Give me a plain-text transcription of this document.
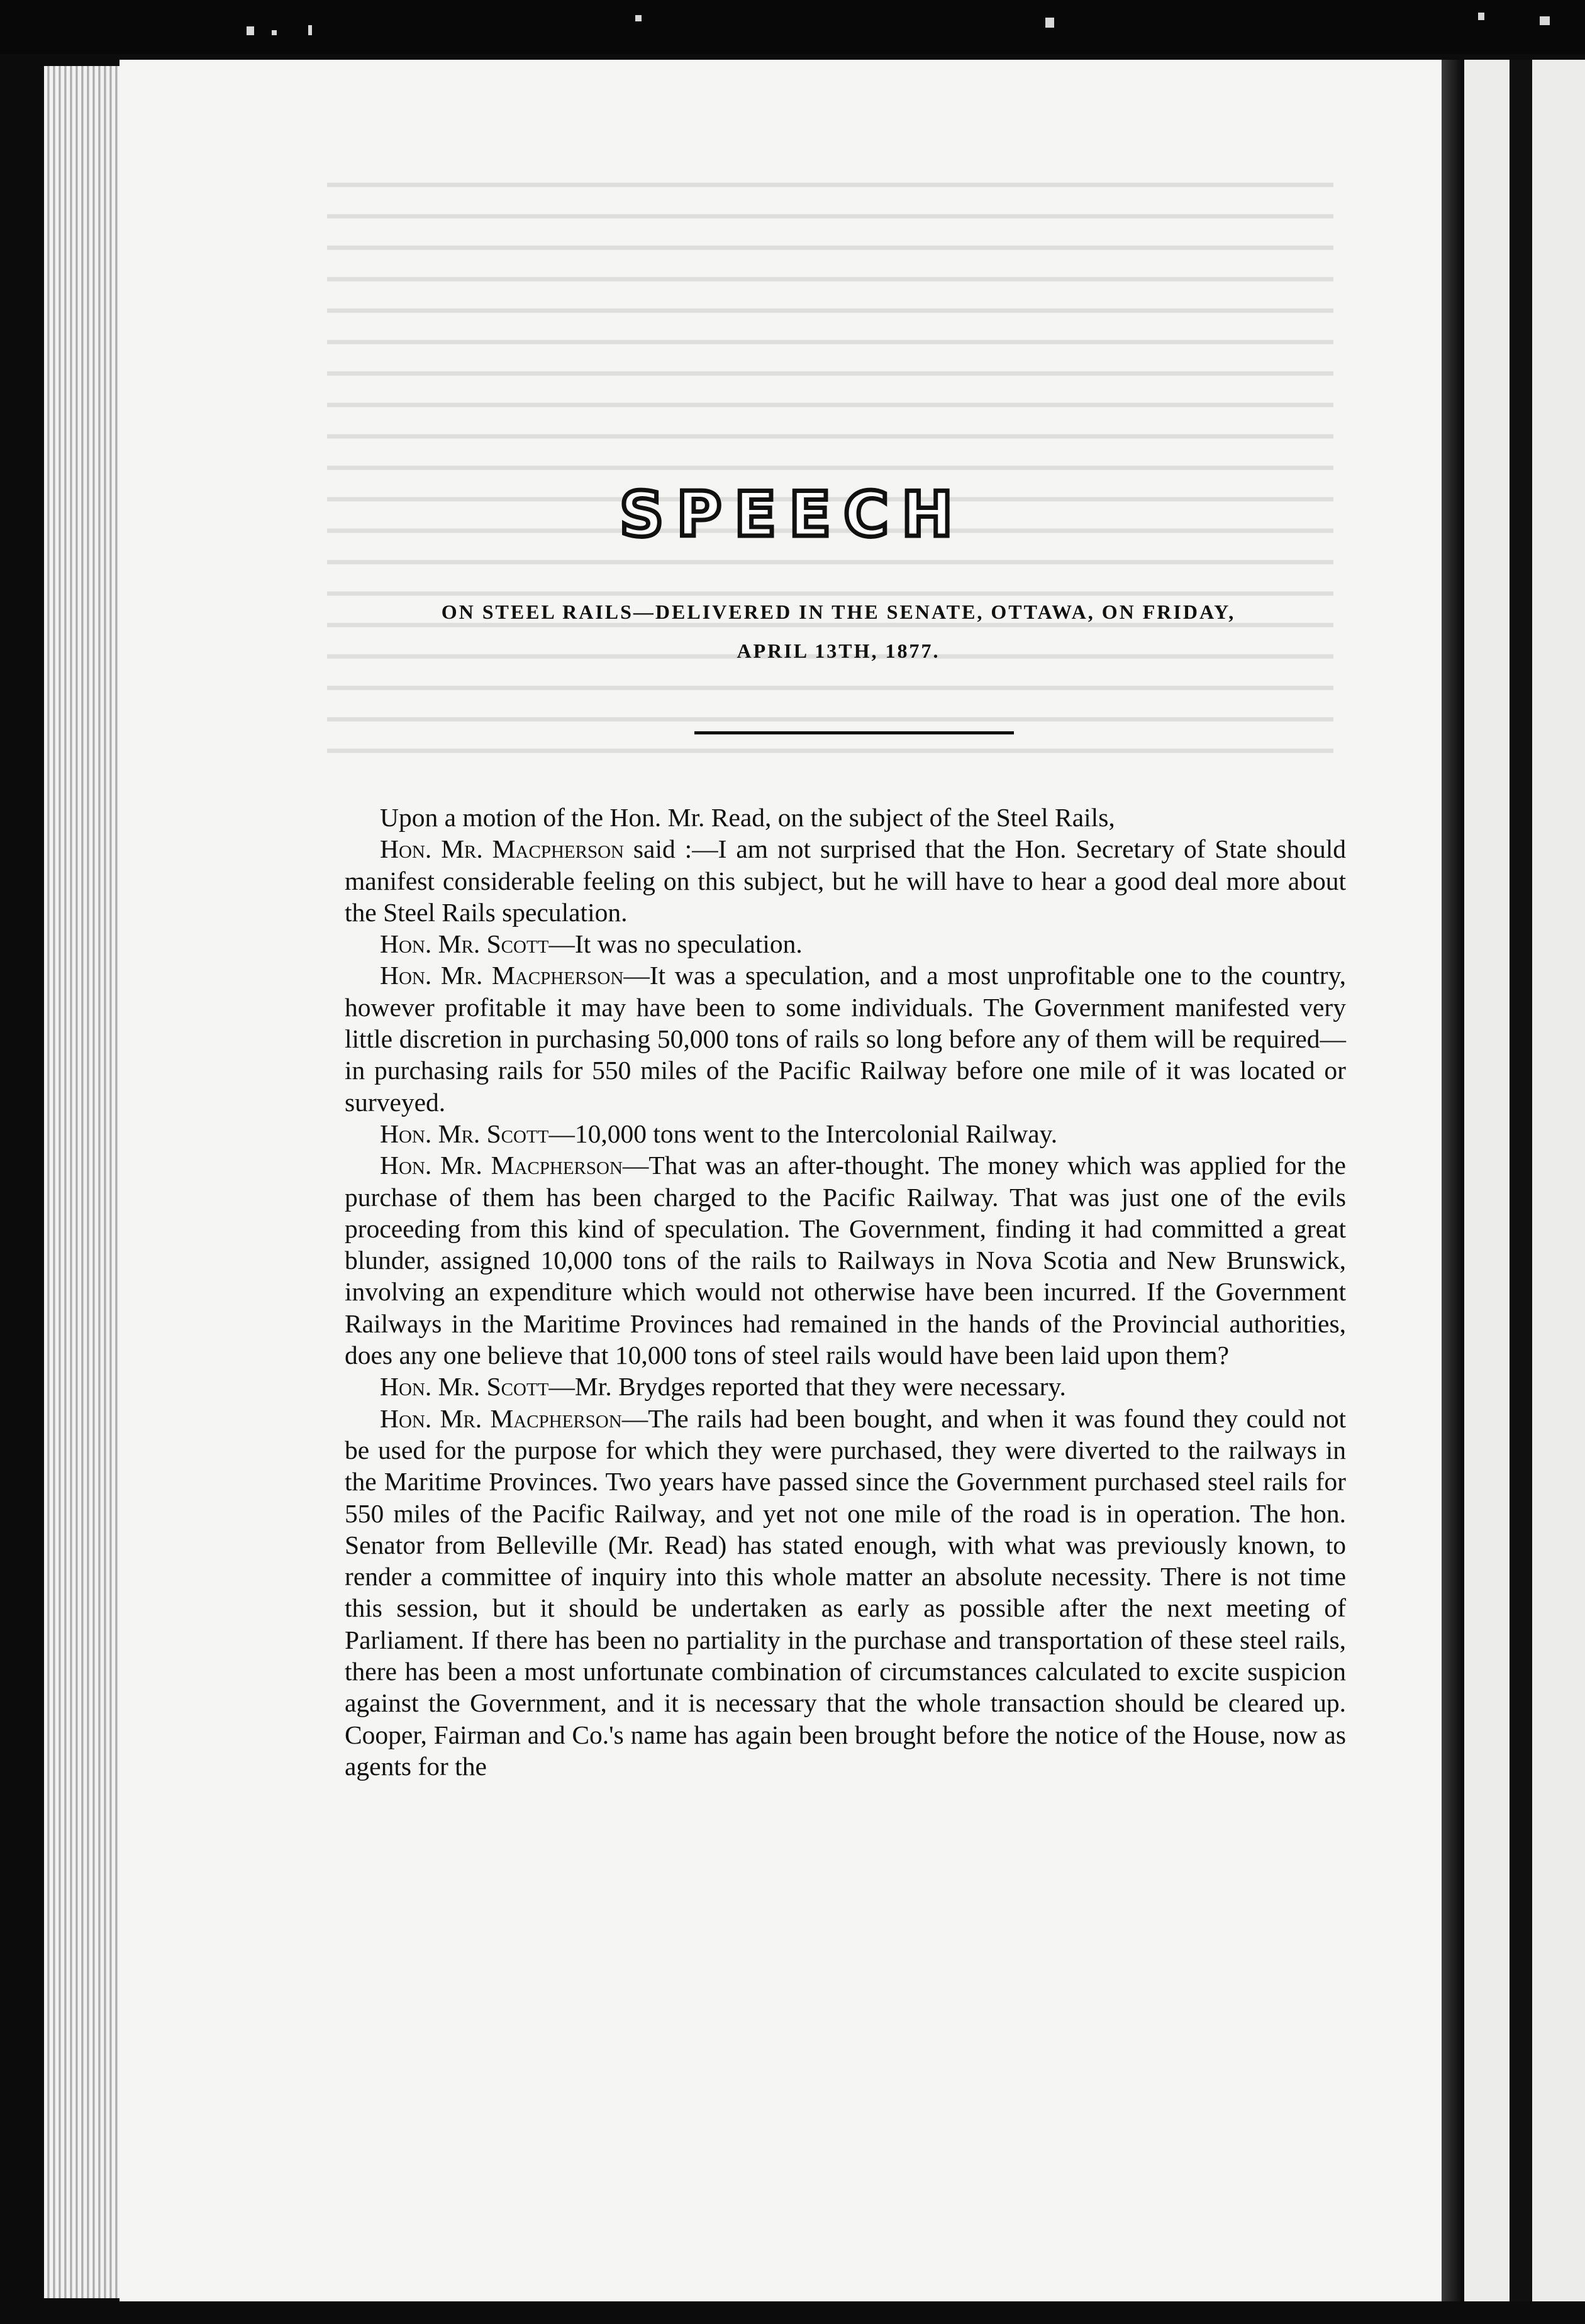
SPEECH
ON STEEL RAILS—DELIVERED IN THE SENATE, OTTAWA, ON FRIDAY,
APRIL 13TH, 1877.

Upon a motion of the Hon. Mr. Read, on the subject of the Steel Rails,

Hon. Mr. Macpherson said :—I am not surprised that the Hon. Secretary of State should manifest considerable feeling on this subject, but he will have to hear a good deal more about the Steel Rails speculation.

Hon. Mr. Scott—It was no speculation.

Hon. Mr. Macpherson—It was a speculation, and a most unprofitable one to the country, however profitable it may have been to some individuals. The Government manifested very little discretion in purchasing 50,000 tons of rails so long before any of them will be required—in purchasing rails for 550 miles of the Pacific Railway before one mile of it was located or surveyed.

Hon. Mr. Scott—10,000 tons went to the Intercolonial Railway.

Hon. Mr. Macpherson—That was an after-thought. The money which was applied for the purchase of them has been charged to the Pacific Railway. That was just one of the evils proceeding from this kind of speculation. The Government, finding it had committed a great blunder, assigned 10,000 tons of the rails to Railways in Nova Scotia and New Brunswick, involving an expenditure which would not otherwise have been incurred. If the Government Railways in the Maritime Provinces had remained in the hands of the Provincial authorities, does any one believe that 10,000 tons of steel rails would have been laid upon them?

Hon. Mr. Scott—Mr. Brydges reported that they were necessary.

Hon. Mr. Macpherson—The rails had been bought, and when it was found they could not be used for the purpose for which they were purchased, they were diverted to the railways in the Maritime Provinces. Two years have passed since the Government purchased steel rails for 550 miles of the Pacific Railway, and yet not one mile of the road is in operation. The hon. Senator from Belleville (Mr. Read) has stated enough, with what was previously known, to render a committee of inquiry into this whole matter an absolute necessity. There is not time this session, but it should be undertaken as early as possible after the next meeting of Parliament. If there has been no partiality in the purchase and transportation of these steel rails, there has been a most unfortunate combination of circumstances calculated to excite suspicion against the Government, and it is necessary that the whole transaction should be cleared up. Cooper, Fairman and Co.'s name has again been brought before the notice of the House, now as agents for the
